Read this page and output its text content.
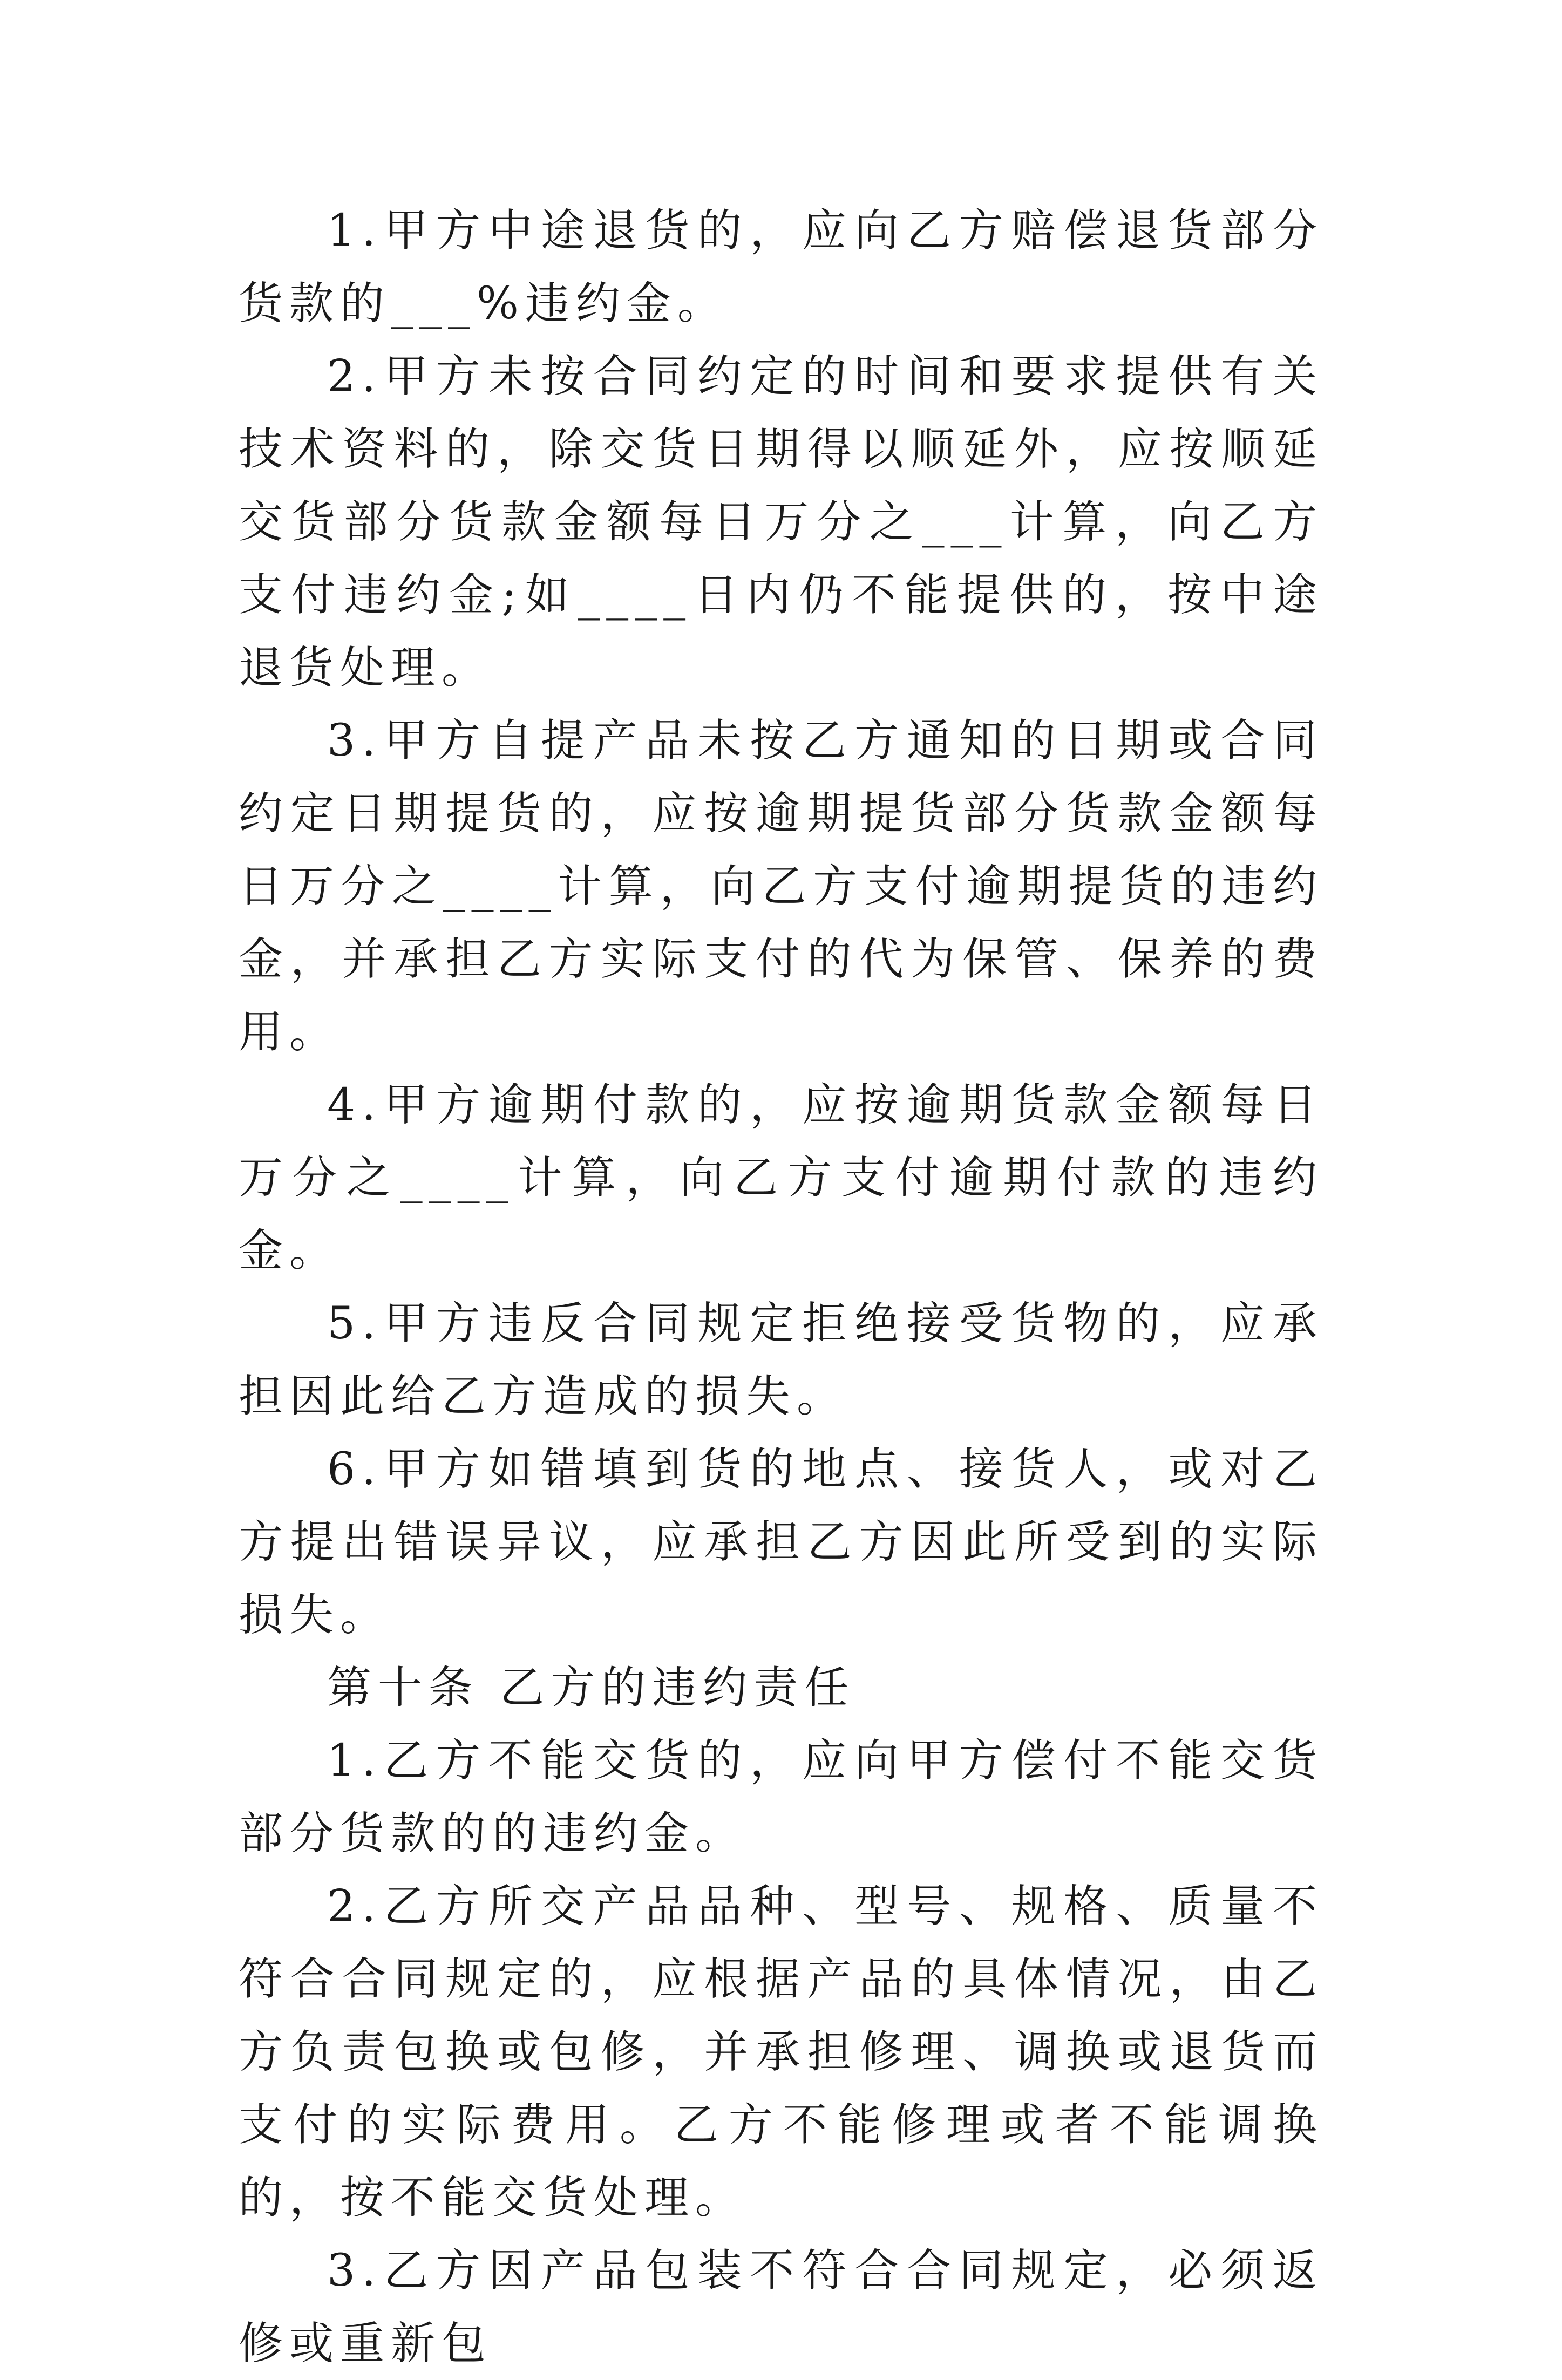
1.甲方中途退货的，应向乙方赔偿退货部分货款的___%违约金。

2.甲方未按合同约定的时间和要求提供有关技术资料的，除交货日期得以顺延外，应按顺延交货部分货款金额每日万分之___计算，向乙方支付违约金;如____日内仍不能提供的，按中途退货处理。

3.甲方自提产品未按乙方通知的日期或合同约定日期提货的，应按逾期提货部分货款金额每日万分之____计算，向乙方支付逾期提货的违约金，并承担乙方实际支付的代为保管、保养的费用。

4.甲方逾期付款的，应按逾期货款金额每日万分之____计算，向乙方支付逾期付款的违约金。

5.甲方违反合同规定拒绝接受货物的，应承担因此给乙方造成的损失。

6.甲方如错填到货的地点、接货人，或对乙方提出错误异议，应承担乙方因此所受到的实际损失。

第十条 乙方的违约责任

1.乙方不能交货的，应向甲方偿付不能交货部分货款的的违约金。

2.乙方所交产品品种、型号、规格、质量不符合合同规定的，应根据产品的具体情况，由乙方负责包换或包修，并承担修理、调换或退货而支付的实际费用。乙方不能修理或者不能调换的，按不能交货处理。

3.乙方因产品包装不符合合同规定，必须返修或重新包
